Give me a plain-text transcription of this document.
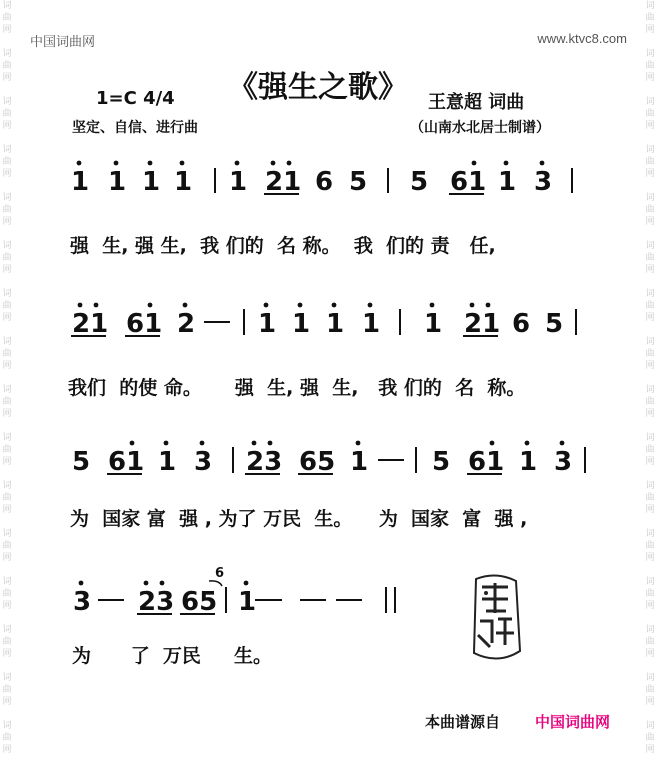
词
曲
网

词
曲
网

词
曲
网

词
曲
网

词
曲
网

词
曲
网

词
曲
网

词
曲
网

词
曲
网

词
曲
网

词
曲
网

词
曲
网

词
曲
网

词
曲
网

词
曲
网

词
曲
网
词
曲
网

词
曲
网

词
曲
网

词
曲
网

词
曲
网

词
曲
网

词
曲
网

词
曲
网

词
曲
网

词
曲
网

词
曲
网

词
曲
网

词
曲
网

词
曲
网

词
曲
网

词
曲
网
中国词曲网	www.ktvc8.com
1=C 4/4 《强生之歌》 王意超 词曲
坚定、自信、进行曲	（山南水北居士制谱）
1 1 1 1 1 21 6 5 5 61 1 3
21 61 2 1 1 1 1 1 21 6 5
5 61 1 3 23 65 1 5 61 1 3
3 23 65
6
1
强  生, 强 生,  我 们的  名 称。  我  们的 责   任,
我们  的使 命。     强  生, 强  生,   我 们的  名  称。
为  国家 富  强 , 为了 万民  生。    为  国家  富  强 ,
为      了  万民     生。
本曲谱源自 中国词曲网
